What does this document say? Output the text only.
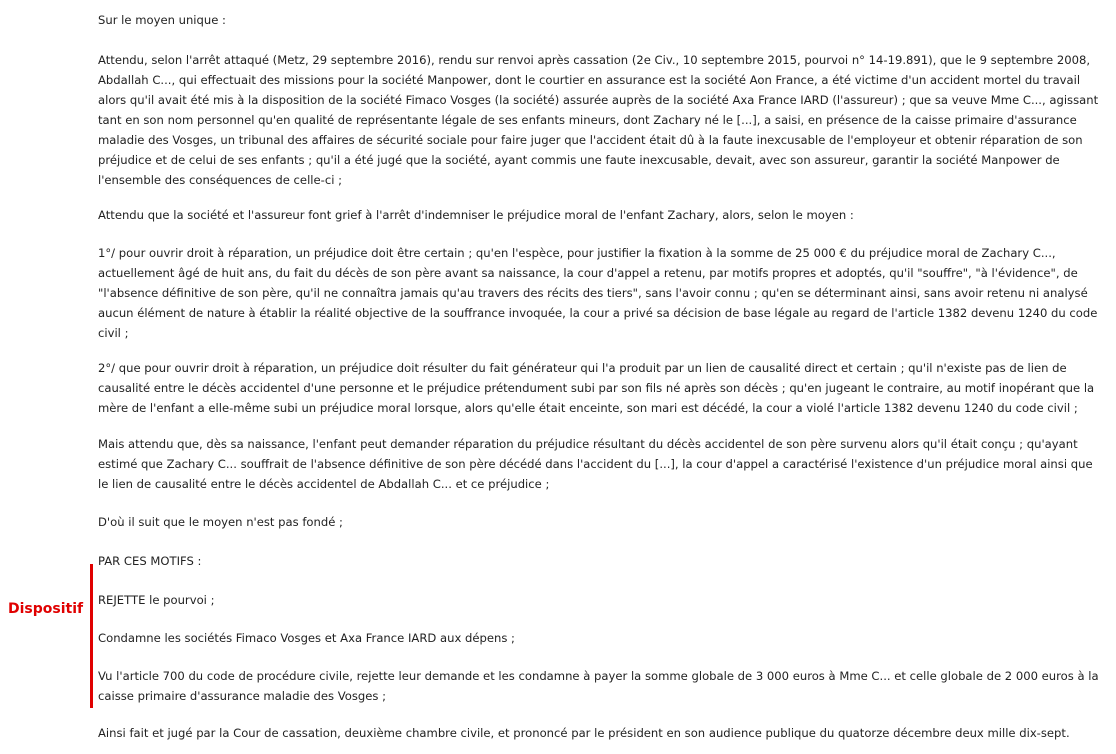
Dispositif

Sur le moyen unique :

Attendu, selon l'arrêt attaqué (Metz, 29 septembre 2016), rendu sur renvoi après cassation (2e Civ., 10 septembre 2015, pourvoi n° 14-19.891), que le 9 septembre 2008, Abdallah C..., qui effectuait des missions pour la société Manpower, dont le courtier en assurance est la société Aon France, a été victime d'un accident mortel du travail alors qu'il avait été mis à la disposition de la société Fimaco Vosges (la société) assurée auprès de la société Axa France IARD (l'assureur) ; que sa veuve Mme C..., agissant tant en son nom personnel qu'en qualité de représentante légale de ses enfants mineurs, dont Zachary né le [...], a saisi, en présence de la caisse primaire d'assurance maladie des Vosges, un tribunal des affaires de sécurité sociale pour faire juger que l'accident était dû à la faute inexcusable de l'employeur et obtenir réparation de son préjudice et de celui de ses enfants ; qu'il a été jugé que la société, ayant commis une faute inexcusable, devait, avec son assureur, garantir la société Manpower de l'ensemble des conséquences de celle-ci ;

Attendu que la société et l'assureur font grief à l'arrêt d'indemniser le préjudice moral de l'enfant Zachary, alors, selon le moyen :

1°/ pour ouvrir droit à réparation, un préjudice doit être certain ; qu'en l'espèce, pour justifier la fixation à la somme de 25 000 € du préjudice moral de Zachary C..., actuellement âgé de huit ans, du fait du décès de son père avant sa naissance, la cour d'appel a retenu, par motifs propres et adoptés, qu'il "souffre", "à l'évidence", de "l'absence définitive de son père, qu'il ne connaîtra jamais qu'au travers des récits des tiers", sans l'avoir connu ; qu'en se déterminant ainsi, sans avoir retenu ni analysé aucun élément de nature à établir la réalité objective de la souffrance invoquée, la cour a privé sa décision de base légale au regard de l'article 1382 devenu 1240 du code civil ;

2°/ que pour ouvrir droit à réparation, un préjudice doit résulter du fait générateur qui l'a produit par un lien de causalité direct et certain ; qu'il n'existe pas de lien de causalité entre le décès accidentel d'une personne et le préjudice prétendument subi par son fils né après son décès ; qu'en jugeant le contraire, au motif inopérant que la mère de l'enfant a elle-même subi un préjudice moral lorsque, alors qu'elle était enceinte, son mari est décédé, la cour a violé l'article 1382 devenu 1240 du code civil ;

Mais attendu que, dès sa naissance, l'enfant peut demander réparation du préjudice résultant du décès accidentel de son père survenu alors qu'il était conçu ; qu'ayant estimé que Zachary C... souffrait de l'absence définitive de son père décédé dans l'accident du [...], la cour d'appel a caractérisé l'existence d'un préjudice moral ainsi que le lien de causalité entre le décès accidentel de Abdallah C... et ce préjudice ;

D'où il suit que le moyen n'est pas fondé ;

PAR CES MOTIFS :

REJETTE le pourvoi ;

Condamne les sociétés Fimaco Vosges et Axa France IARD aux dépens ;

Vu l'article 700 du code de procédure civile, rejette leur demande et les condamne à payer la somme globale de 3 000 euros à Mme C... et celle globale de 2 000 euros à la caisse primaire d'assurance maladie des Vosges ;

Ainsi fait et jugé par la Cour de cassation, deuxième chambre civile, et prononcé par le président en son audience publique du quatorze décembre deux mille dix-sept.
